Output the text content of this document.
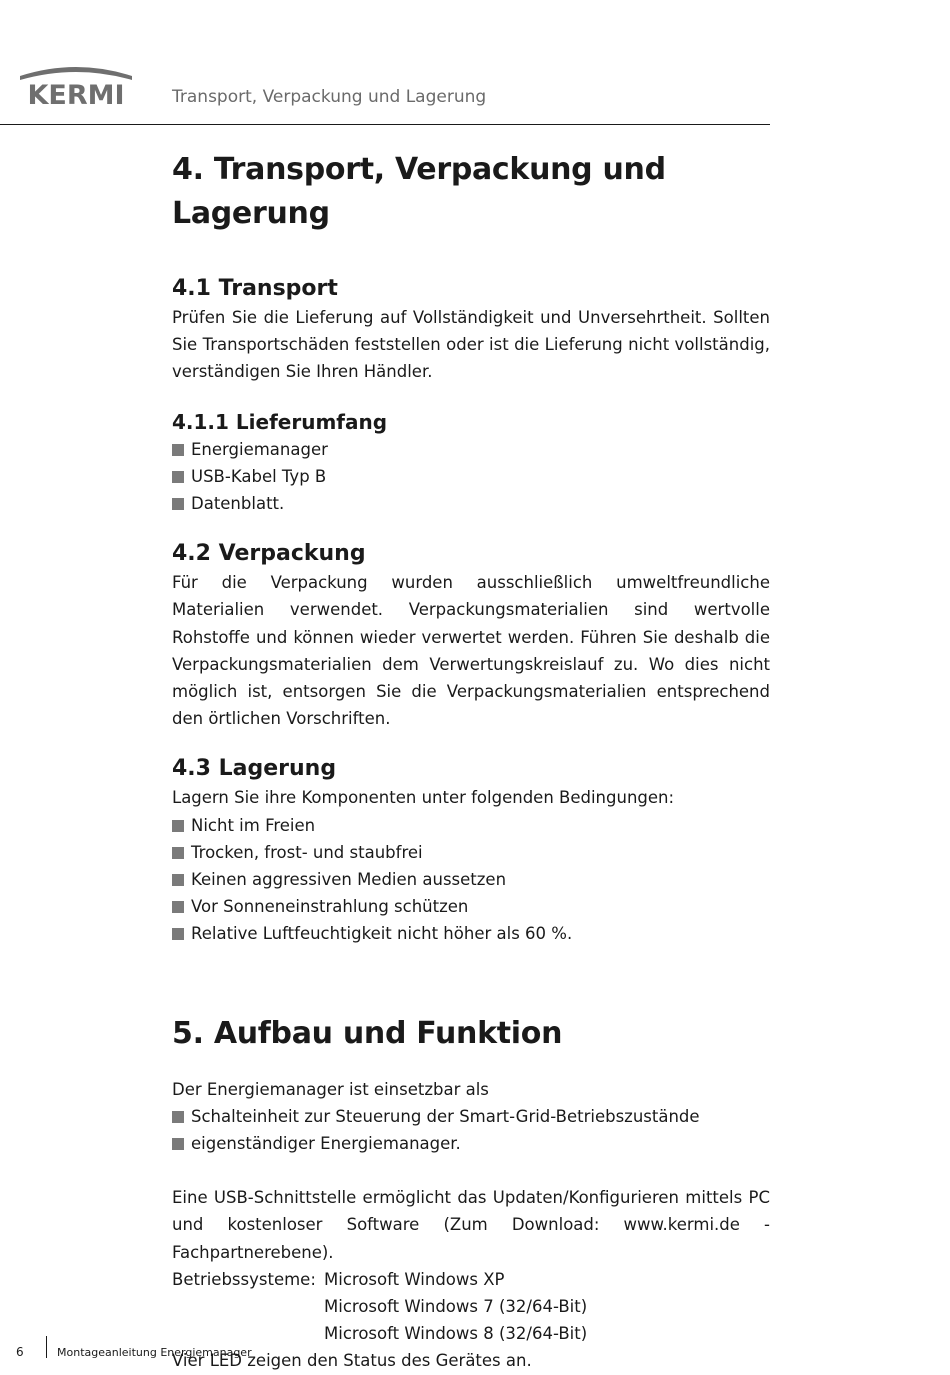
KERMI	Transport, Verpackung und Lagerung
4. Transport, Verpackung und Lagerung
4.1 Transport

Prüfen Sie die Lieferung auf Vollständigkeit und Unversehrtheit. Sollten Sie Transportschäden feststellen oder ist die Lieferung nicht vollständig, verständigen Sie Ihren Händler.

4.1.1 Lieferumfang
Energiemanager
USB-Kabel Typ B
Datenblatt.
4.2 Verpackung

Für die Verpackung wurden ausschließlich umweltfreundliche Materialien verwendet. Verpackungsmaterialien sind wertvolle Rohstoffe und können wieder verwertet werden. Führen Sie deshalb die Verpackungsmaterialien dem Verwertungskreislauf zu. Wo dies nicht möglich ist, entsorgen Sie die Verpackungsmaterialien entsprechend den örtlichen Vorschriften.

4.3 Lagerung

Lagern Sie ihre Komponenten unter folgenden Bedingungen:

Nicht im Freien
Trocken, frost- und staubfrei
Keinen aggressiven Medien aussetzen
Vor Sonneneinstrahlung schützen
Relative Luftfeuchtigkeit nicht höher als 60 %.
5. Aufbau und Funktion

Der Energiemanager ist einsetzbar als

Schalteinheit zur Steuerung der Smart-Grid-Betriebszustände
eigenständiger Energiemanager.

Eine USB-Schnittstelle ermöglicht das Updaten/Konfigurieren mittels PC und kostenloser Software (Zum Download: www.kermi.de - Fachpartnerebene).

Betriebssysteme: Microsoft Windows XP
Microsoft Windows 7 (32/64-Bit)
Microsoft Windows 8 (32/64-Bit)

Vier LED zeigen den Status des Gerätes an.

6	Montageanleitung Energiemanager
